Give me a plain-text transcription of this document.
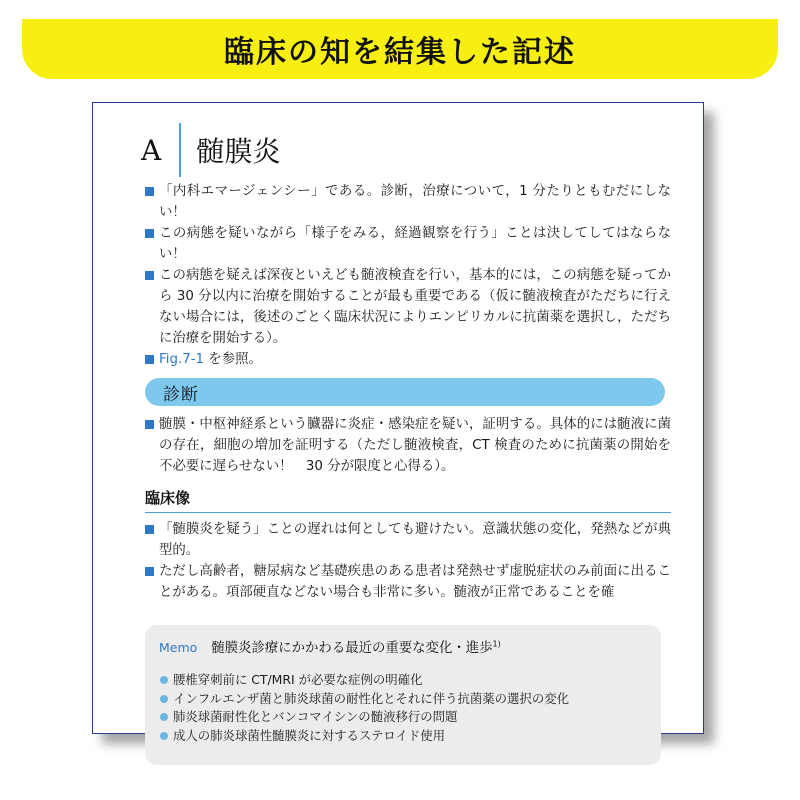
臨床の知を結集した記述
A	髄膜炎

「内科エマージェンシー」である。診断，治療について，1 分たりともむだにしない！

この病態を疑いながら「様子をみる，経過観察を行う」ことは決してしてはならない！

この病態を疑えば深夜といえども髄液検査を行い，基本的には，この病態を疑ってから 30 分以内に治療を開始することが最も重要である（仮に髄液検査がただちに行えない場合には，後述のごとく臨床状況によりエンピリカルに抗菌薬を選択し，ただちに治療を開始する）。

Fig.7-1 を参照。

診断

髄膜・中枢神経系という臓器に炎症・感染症を疑い，証明する。具体的には髄液に菌の存在，細胞の増加を証明する（ただし髄液検査，CT 検査のために抗菌薬の開始を不必要に遅らせない！　30 分が限度と心得る）。

臨床像

「髄膜炎を疑う」ことの遅れは何としても避けたい。意識状態の変化，発熱などが典型的。

ただし高齢者，糖尿病など基礎疾患のある患者は発熱せず虚脱症状のみ前面に出ることがある。項部硬直などない場合も非常に多い。髄液が正常であることを確

Memo 髄膜炎診療にかかわる最近の重要な変化・進歩$^{1)}$
腰椎穿刺前に CT/MRI が必要な症例の明確化
インフルエンザ菌と肺炎球菌の耐性化とそれに伴う抗菌薬の選択の変化
肺炎球菌耐性化とバンコマイシンの髄液移行の問題
成人の肺炎球菌性髄膜炎に対するステロイド使用
